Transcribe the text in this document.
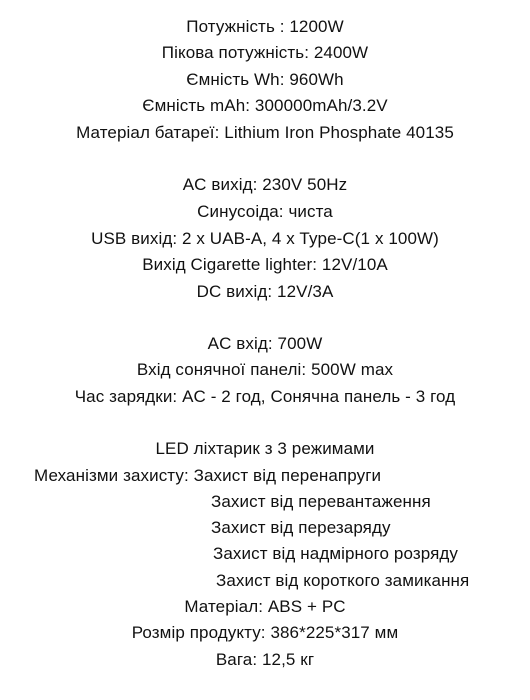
Потужність : 1200W
Пікова потужність: 2400W
Ємність Wh: 960Wh
Ємність mAh: 300000mAh/3.2V
Матеріал батареї: Lithium Iron Phosphate 40135
AC вихід: 230V 50Hz
Синусоіда: чиста
USB вихід: 2 x UAB-A, 4 x Type-C(1 x 100W)
Вихід Cigarette lighter: 12V/10A
DC вихід: 12V/3A
AC вхід: 700W
Вхід сонячної панелі: 500W max
Час зарядки: AC - 2 год, Сонячна панель - 3 год
LED ліхтарик з 3 режимами
Механізми захисту: Захист від перенапруги
Захист від перевантаження
Захист від перезаряду
Захист від надмірного розряду
Захист від короткого замикання
Матеріал: ABS + PC
Розмір продукту: 386*225*317 мм
Вага: 12,5 кг
